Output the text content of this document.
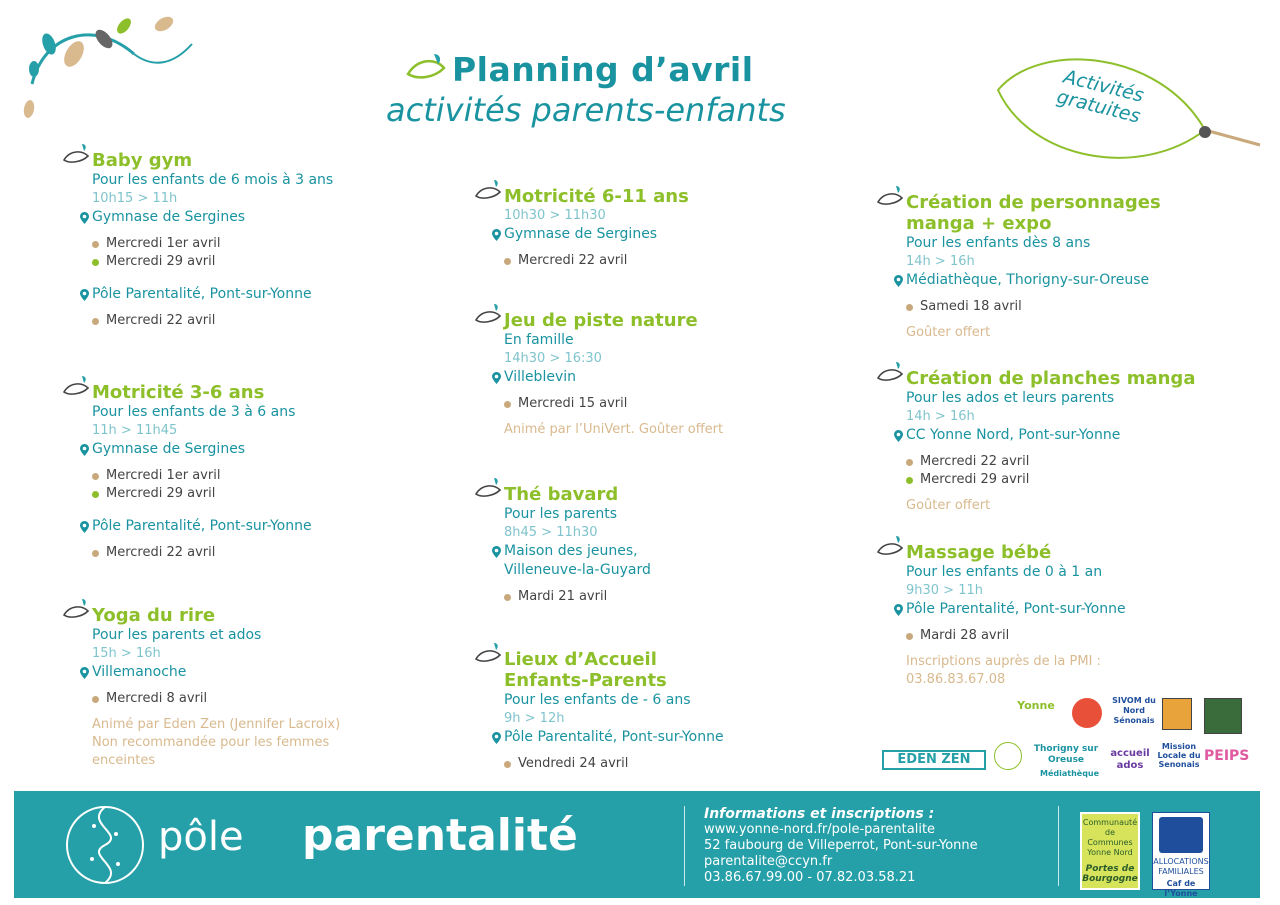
Planning d’avril
activités parents-enfants
Activités gratuites
Baby gym
Pour les enfants de 6 mois à 3 ans
10h15 > 11h
Gymnase de Sergines
Mercredi 1er avril
Mercredi 29 avril
Pôle Parentalité, Pont-sur-Yonne
Mercredi 22 avril
Motricité 3-6 ans
Pour les enfants de 3 à 6 ans
11h > 11h45
Gymnase de Sergines
Mercredi 1er avril
Mercredi 29 avril
Pôle Parentalité, Pont-sur-Yonne
Mercredi 22 avril
Yoga du rire
Pour les parents et ados
15h > 16h
Villemanoche
Mercredi 8 avril
Animé par Eden Zen (Jennifer Lacroix)
Non recommandée pour les femmes
enceintes
Motricité 6-11 ans
10h30 > 11h30
Gymnase de Sergines
Mercredi 22 avril
Jeu de piste nature
En famille
14h30 > 16:30
Villeblevin
Mercredi 15 avril
Animé par l’UniVert. Goûter offert
Thé bavard
Pour les parents
8h45 > 11h30
Maison des jeunes,
Villeneuve-la-Guyard
Mardi 21 avril
Lieux d’Accueil
Enfants-Parents
Pour les enfants de - 6 ans
9h > 12h
Pôle Parentalité, Pont-sur-Yonne
Vendredi 24 avril
Création de personnages
manga + expo
Pour les enfants dès 8 ans
14h > 16h
Médiathèque, Thorigny-sur-Oreuse
Samedi 18 avril
Goûter offert
Création de planches manga
Pour les ados et leurs parents
14h > 16h
CC Yonne Nord, Pont-sur-Yonne
Mercredi 22 avril
Mercredi 29 avril
Goûter offert
Massage bébé
Pour les enfants de 0 à 1 an
9h30 > 11h
Pôle Parentalité, Pont-sur-Yonne
Mardi 28 avril
Inscriptions auprès de la PMI :
03.86.83.67.08
Yonne	SIVOM du Nord Sénonais
EDEN ZEN
Thorigny sur Oreuse
Médiathèque
accueil ados
Mission Locale du Senonais
PEIPS
pôle parentalité	Informations et inscriptions :
www.yonne-nord.fr/pole-parentalite
52 faubourg de Villeperrot, Pont-sur-Yonne
parentalite@ccyn.fr
03.86.67.99.00 - 07.82.03.58.21
Communauté de Communes Yonne Nord
Portes de Bourgogne
ALLOCATIONS FAMILIALES
Caf de l’Yonne
